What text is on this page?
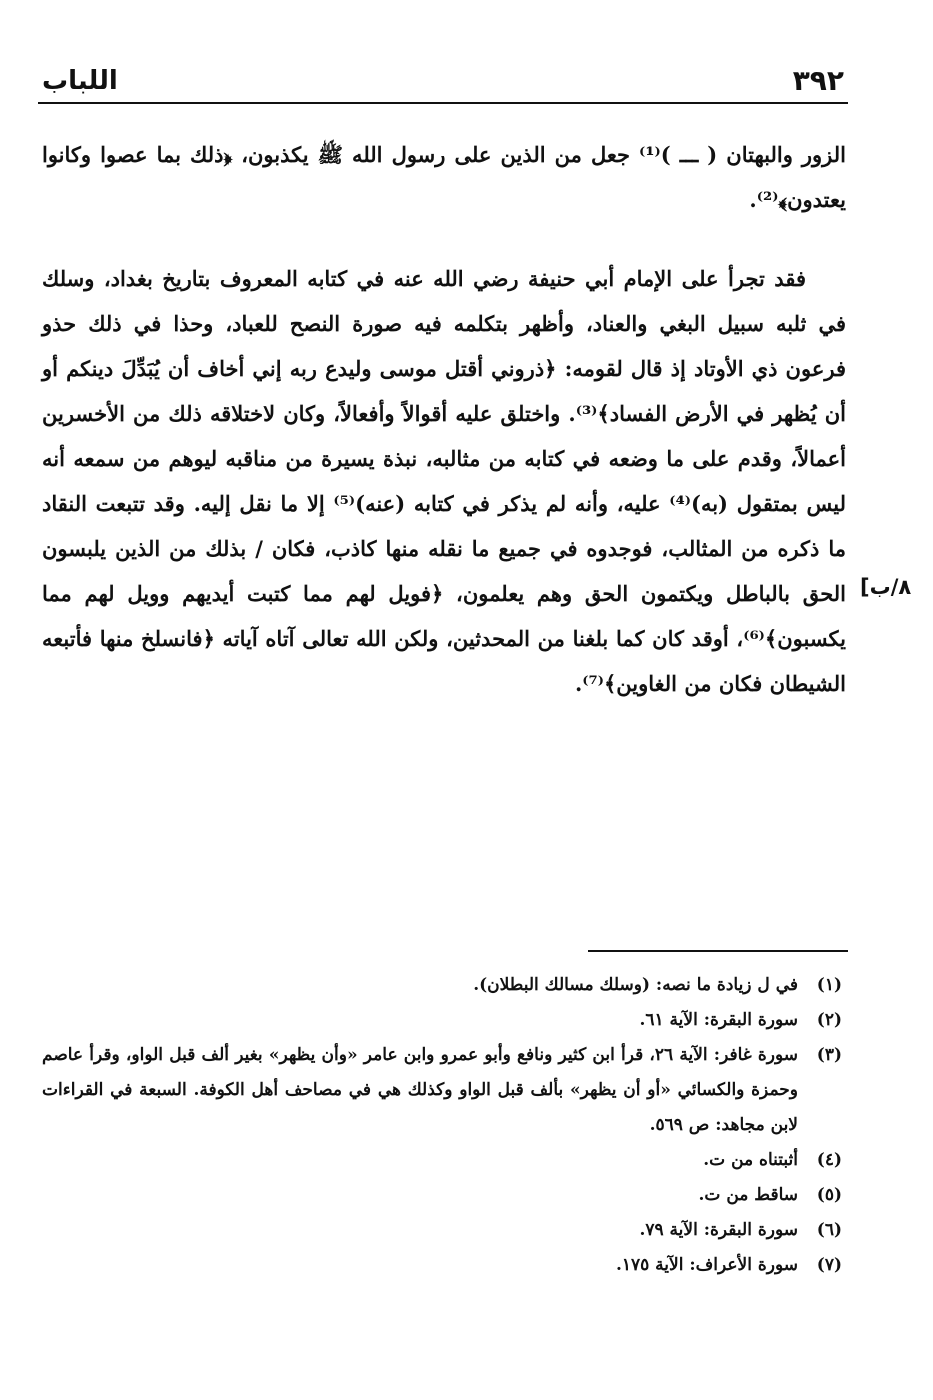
٣٩٢
اللباب

الزور والبهتان ( ـــ )⁽¹⁾ جعل من الذين على رسول الله ﷺ يكذبون، ﴿ذلك بما عصوا وكانوا يعتدون﴾⁽²⁾.

فقد تجرأ على الإمام أبي حنيفة رضي الله عنه في كتابه المعروف بتاريخ بغداد، وسلك في ثلبه سبيل البغي والعناد، وأظهر بتكلمه فيه صورة النصح للعباد، وحذا في ذلك حذو فرعون ذي الأوتاد إذ قال لقومه: ﴿ذروني أقتل موسى وليدع ربه إني أخاف أن يُبَدِّلَ دينكم أو أن يُظهر في الأرض الفساد﴾⁽³⁾. واختلق عليه أقوالاً وأفعالاً، وكان لاختلاقه ذلك من الأخسرين أعمالاً، وقدم على ما وضعه في كتابه من مثالبه، نبذة يسيرة من مناقبه ليوهم من سمعه أنه ليس بمتقول (به)⁽⁴⁾ عليه، وأنه لم يذكر في كتابه (عنه)⁽⁵⁾ إلا ما نقل إليه. وقد تتبعت النقاد ما ذكره من المثالب، فوجدوه في جميع ما نقله منها كاذب، فكان / بذلك من الذين يلبسون الحق بالباطل ويكتمون الحق وهم يعلمون، ﴿فويل لهم مما كتبت أيديهم وويل لهم مما يكسبون﴾⁽⁶⁾، أوقد كان كما بلغنا من المحدثين، ولكن الله تعالى آتاه آياته ﴿فانسلخ منها فأتبعه الشيطان فكان من الغاوين﴾⁽⁷⁾.

٨/ب]
(١)
في ل زيادة ما نصه: (وسلك مسالك البطلان).
(٢)
سورة البقرة: الآية ٦١.
(٣)
سورة غافر: الآية ٢٦، قرأ ابن كثير ونافع وأبو عمرو وابن عامر «وأن يظهر» بغير ألف قبل الواو، وقرأ عاصم وحمزة والكسائي «أو أن يظهر» بألف قبل الواو وكذلك هي في مصاحف أهل الكوفة. السبعة في القراءات لابن مجاهد: ص ٥٦٩.
(٤)
أثبتناه من ت.
(٥)
ساقط من ت.
(٦)
سورة البقرة: الآية ٧٩.
(٧)
سورة الأعراف: الآية ١٧٥.
